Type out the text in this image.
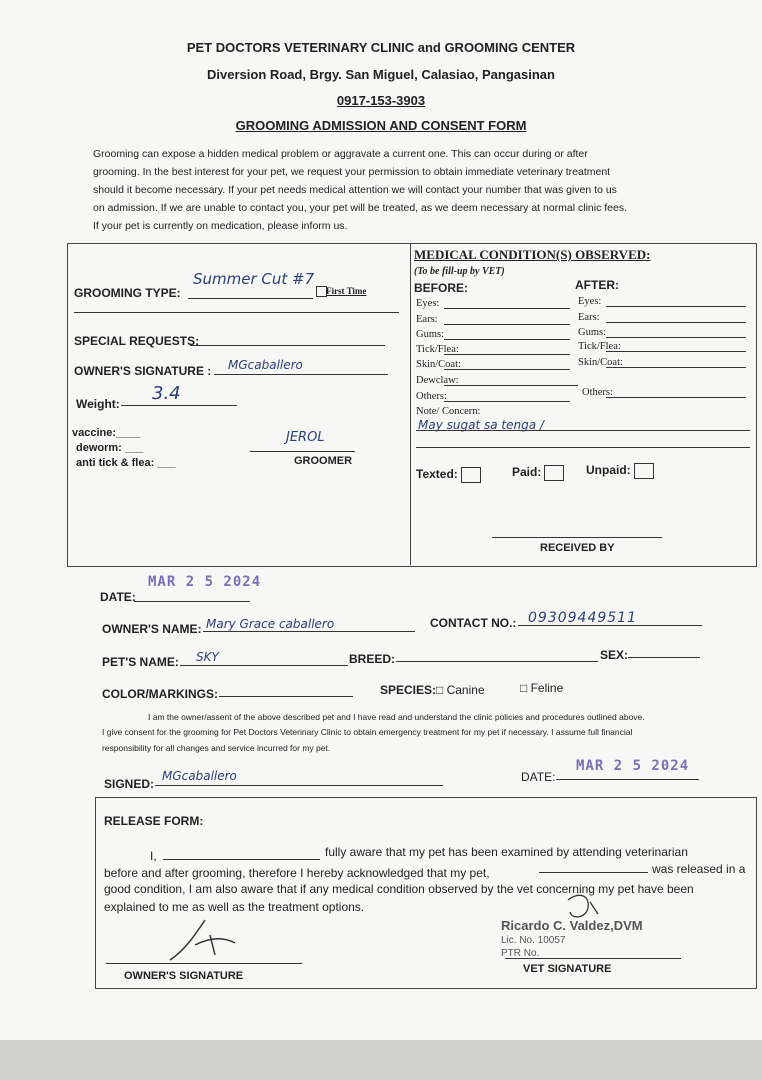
PET DOCTORS VETERINARY CLINIC and GROOMING CENTER
Diversion Road, Brgy. San Miguel, Calasiao, Pangasinan
0917-153-3903
GROOMING ADMISSION AND CONSENT FORM
Grooming can expose a hidden medical problem or aggravate a current one. This can occur during or after
grooming. In the best interest for your pet, we request your permission to obtain immediate veterinary treatment
should it become necessary. If your pet needs medical attention we will contact your number that was given to us
on admission. If we are unable to contact you, your pet will be treated, as we deem necessary at normal clinic fees.
If your pet is currently on medication, please inform us.
GROOMING TYPE:
Summer Cut #7
First Time
SPECIAL REQUESTS:
OWNER'S SIGNATURE : MGcaballero
Weight: 3.4
vaccine:____
deworm: ___
anti tick & flea: ___
JEROL
GROOMER
MEDICAL CONDITION(S) OBSERVED:
(To be fill-up by VET)
BEFORE:	AFTER:
Eyes:
Ears:
Gums:
Tick/Flea:
Skin/Coat:
Dewclaw:
Others:
Eyes:
Ears:
Gums:
Tick/Flea:
Skin/Coat:
Others:
Note/ Concern:
May sugat sa tenga /
Texted:	Paid:	Unpaid:
RECEIVED BY
MAR 2 5 2024
DATE:
OWNER'S NAME: Mary Grace caballero	CONTACT NO.: 09309449511
PET'S NAME: SKY	BREED:	SEX:
COLOR/MARKINGS:	SPECIES: □ Canine	□ Feline
I am the owner/assent of the above described pet and I have read and understand the clinic policies and procedures outlined above.
I give consent for the grooming for Pet Doctors Veterinary Clinic to obtain emergency treatment for my pet if necessary. I assume full financial
responsibility for all changes and service incurred for my pet.
SIGNED:
MGcaballero	DATE:
MAR 2 5 2024
RELEASE FORM:
I,	fully aware that my pet has been examined by attending veterinarian
before and after grooming, therefore I hereby acknowledged that my pet,	was released in a
good condition, I am also aware that if any medical condition observed by the vet concerning my pet have been
explained to me as well as the treatment options.
OWNER'S SIGNATURE
Ricardo C. Valdez,DVM
Lic. No. 10057
PTR No.
VET SIGNATURE
